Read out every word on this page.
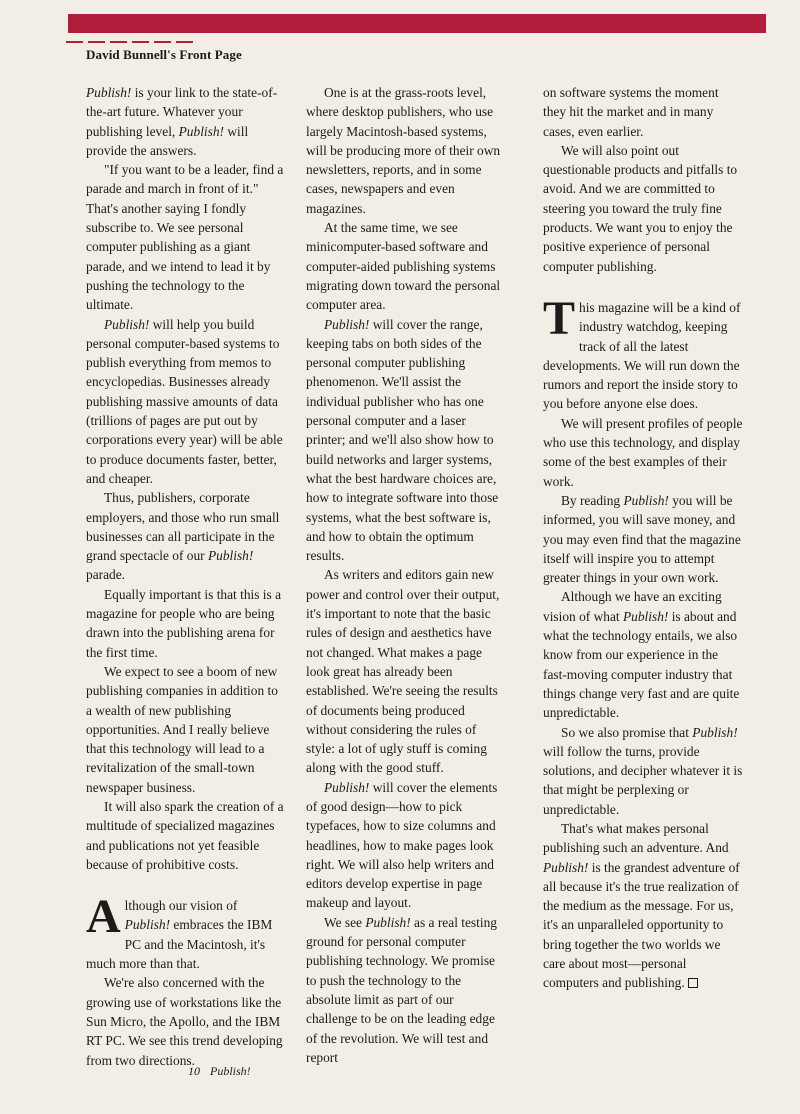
David Bunnell's Front Page

Publish! is your link to the state-of-the-art future. Whatever your publishing level, Publish! will provide the answers.

"If you want to be a leader, find a parade and march in front of it." That's another saying I fondly subscribe to. We see personal computer publishing as a giant parade, and we intend to lead it by pushing the technology to the ultimate.

Publish! will help you build personal computer-based systems to publish everything from memos to encyclopedias. Businesses already publishing massive amounts of data (trillions of pages are put out by corporations every year) will be able to produce documents faster, better, and cheaper.

Thus, publishers, corporate employers, and those who run small businesses can all participate in the grand spectacle of our Publish! parade.

Equally important is that this is a magazine for people who are being drawn into the publishing arena for the first time.

We expect to see a boom of new publishing companies in addition to a wealth of new publishing opportunities. And I really believe that this technology will lead to a revitalization of the small-town newspaper business.

It will also spark the creation of a multitude of specialized magazines and publications not yet feasible because of prohibitive costs.

Although our vision of Publish! embraces the IBM PC and the Macintosh, it's much more than that.

We're also concerned with the growing use of workstations like the Sun Micro, the Apollo, and the IBM RT PC. We see this trend developing from two directions.

One is at the grass-roots level, where desktop publishers, who use largely Macintosh-based systems, will be producing more of their own newsletters, reports, and in some cases, newspapers and even magazines.

At the same time, we see minicomputer-based software and computer-aided publishing systems migrating down toward the personal computer area.

Publish! will cover the range, keeping tabs on both sides of the personal computer publishing phenomenon. We'll assist the individual publisher who has one personal computer and a laser printer; and we'll also show how to build networks and larger systems, what the best hardware choices are, how to integrate software into those systems, what the best software is, and how to obtain the optimum results.

As writers and editors gain new power and control over their output, it's important to note that the basic rules of design and aesthetics have not changed. What makes a page look great has already been established. We're seeing the results of documents being produced without considering the rules of style: a lot of ugly stuff is coming along with the good stuff.

Publish! will cover the elements of good design—how to pick typefaces, how to size columns and headlines, how to make pages look right. We will also help writers and editors develop expertise in page makeup and layout.

We see Publish! as a real testing ground for personal computer publishing technology. We promise to push the technology to the absolute limit as part of our challenge to be on the leading edge of the revolution. We will test and report

on software systems the moment they hit the market and in many cases, even earlier.

We will also point out questionable products and pitfalls to avoid. And we are committed to steering you toward the truly fine products. We want you to enjoy the positive experience of personal computer publishing.

This magazine will be a kind of industry watchdog, keeping track of all the latest developments. We will run down the rumors and report the inside story to you before anyone else does.

We will present profiles of people who use this technology, and display some of the best examples of their work.

By reading Publish! you will be informed, you will save money, and you may even find that the magazine itself will inspire you to attempt greater things in your own work.

Although we have an exciting vision of what Publish! is about and what the technology entails, we also know from our experience in the fast-moving computer industry that things change very fast and are quite unpredictable.

So we also promise that Publish! will follow the turns, provide solutions, and decipher whatever it is that might be perplexing or unpredictable.

That's what makes personal publishing such an adventure. And Publish! is the grandest adventure of all because it's the true realization of the medium as the message. For us, it's an unparalleled opportunity to bring together the two worlds we care about most—personal computers and publishing.

10 Publish!
